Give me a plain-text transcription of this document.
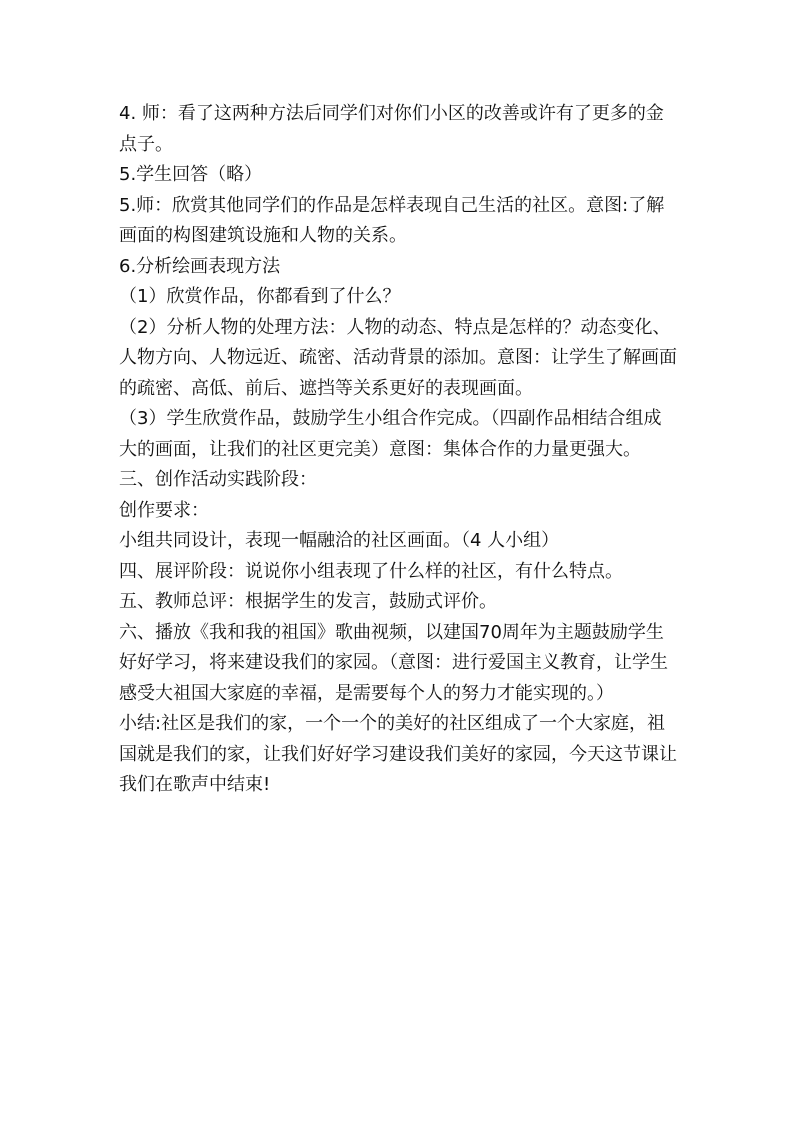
4. 师：看了这两种方法后同学们对你们小区的改善或许有了更多的金点子。

5.学生回答（略）

5.师：欣赏其他同学们的作品是怎样表现自己生活的社区。意图:了解画面的构图建筑设施和人物的关系。

6.分析绘画表现方法

（1）欣赏作品，你都看到了什么？

（2）分析人物的处理方法：人物的动态、特点是怎样的？动态变化、人物方向、人物远近、疏密、活动背景的添加。意图：让学生了解画面的疏密、高低、前后、遮挡等关系更好的表现画面。

（3）学生欣赏作品，鼓励学生小组合作完成。（四副作品相结合组成大的画面，让我们的社区更完美）意图：集体合作的力量更强大。

三、创作活动实践阶段：

创作要求：

小组共同设计，表现一幅融洽的社区画面。（4 人小组）

四、展评阶段：说说你小组表现了什么样的社区，有什么特点。

五、教师总评：根据学生的发言，鼓励式评价。

六、播放《我和我的祖国》歌曲视频，以建国70周年为主题鼓励学生好好学习，将来建设我们的家园。（意图：进行爱国主义教育，让学生感受大祖国大家庭的幸福，是需要每个人的努力才能实现的。）

小结:社区是我们的家，一个一个的美好的社区组成了一个大家庭，祖国就是我们的家，让我们好好学习建设我们美好的家园，今天这节课让我们在歌声中结束!
